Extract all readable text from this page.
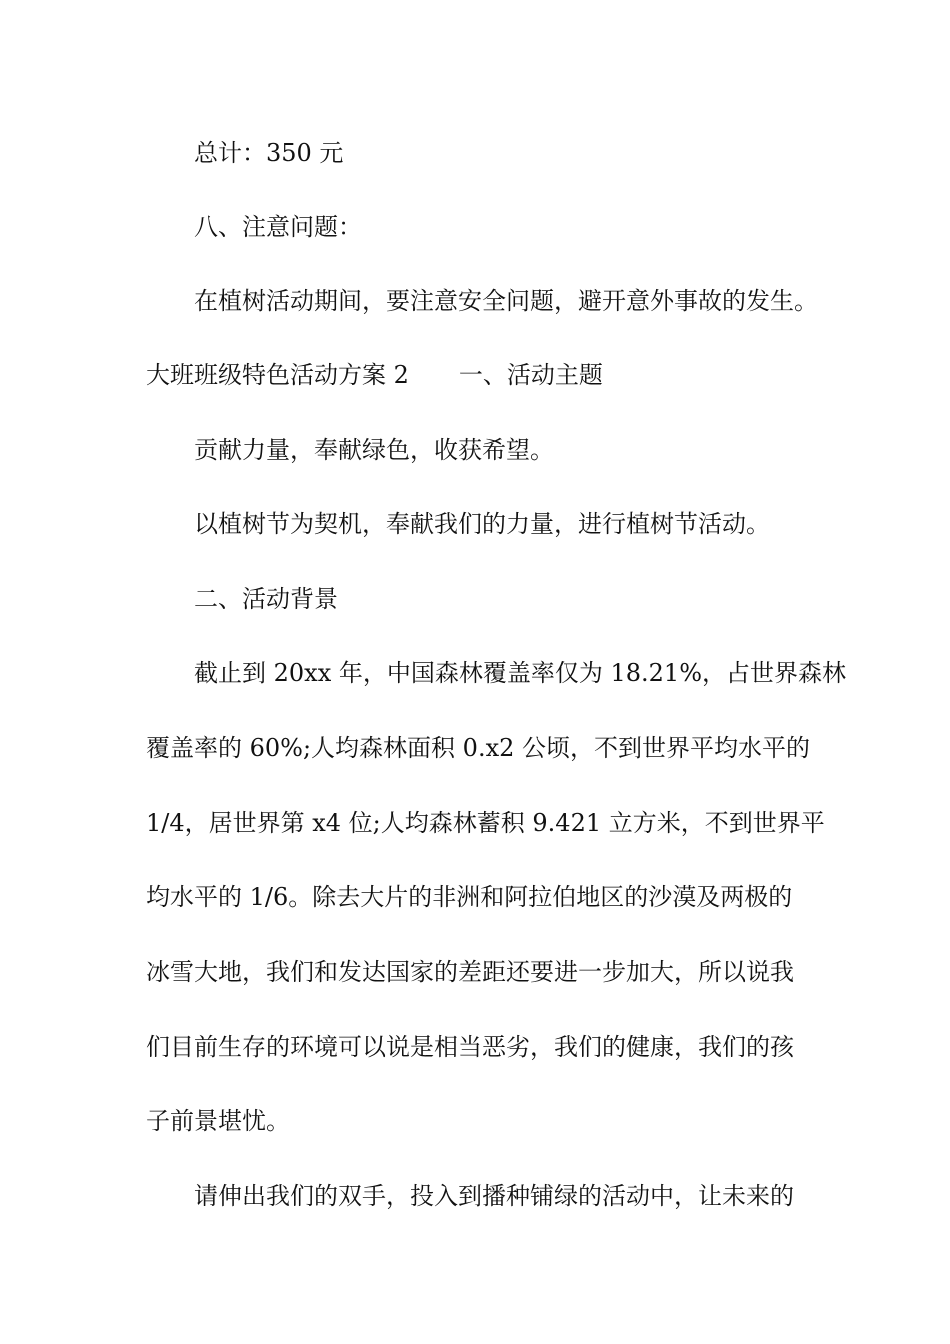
总计：350 元

八、注意问题：

在植树活动期间，要注意安全问题，避开意外事故的发生。

大班班级特色活动方案 2 一、活动主题

贡献力量，奉献绿色，收获希望。

以植树节为契机，奉献我们的力量，进行植树节活动。

二、活动背景

截止到 20xx 年，中国森林覆盖率仅为 18.21%，占世界森林

覆盖率的 60%;人均森林面积 0.x2 公顷，不到世界平均水平的

1/4，居世界第 x4 位;人均森林蓄积 9.421 立方米，不到世界平

均水平的 1/6。除去大片的非洲和阿拉伯地区的沙漠及两极的

冰雪大地，我们和发达国家的差距还要进一步加大，所以说我

们目前生存的环境可以说是相当恶劣，我们的健康，我们的孩

子前景堪忧。

请伸出我们的双手，投入到播种铺绿的活动中，让未来的
